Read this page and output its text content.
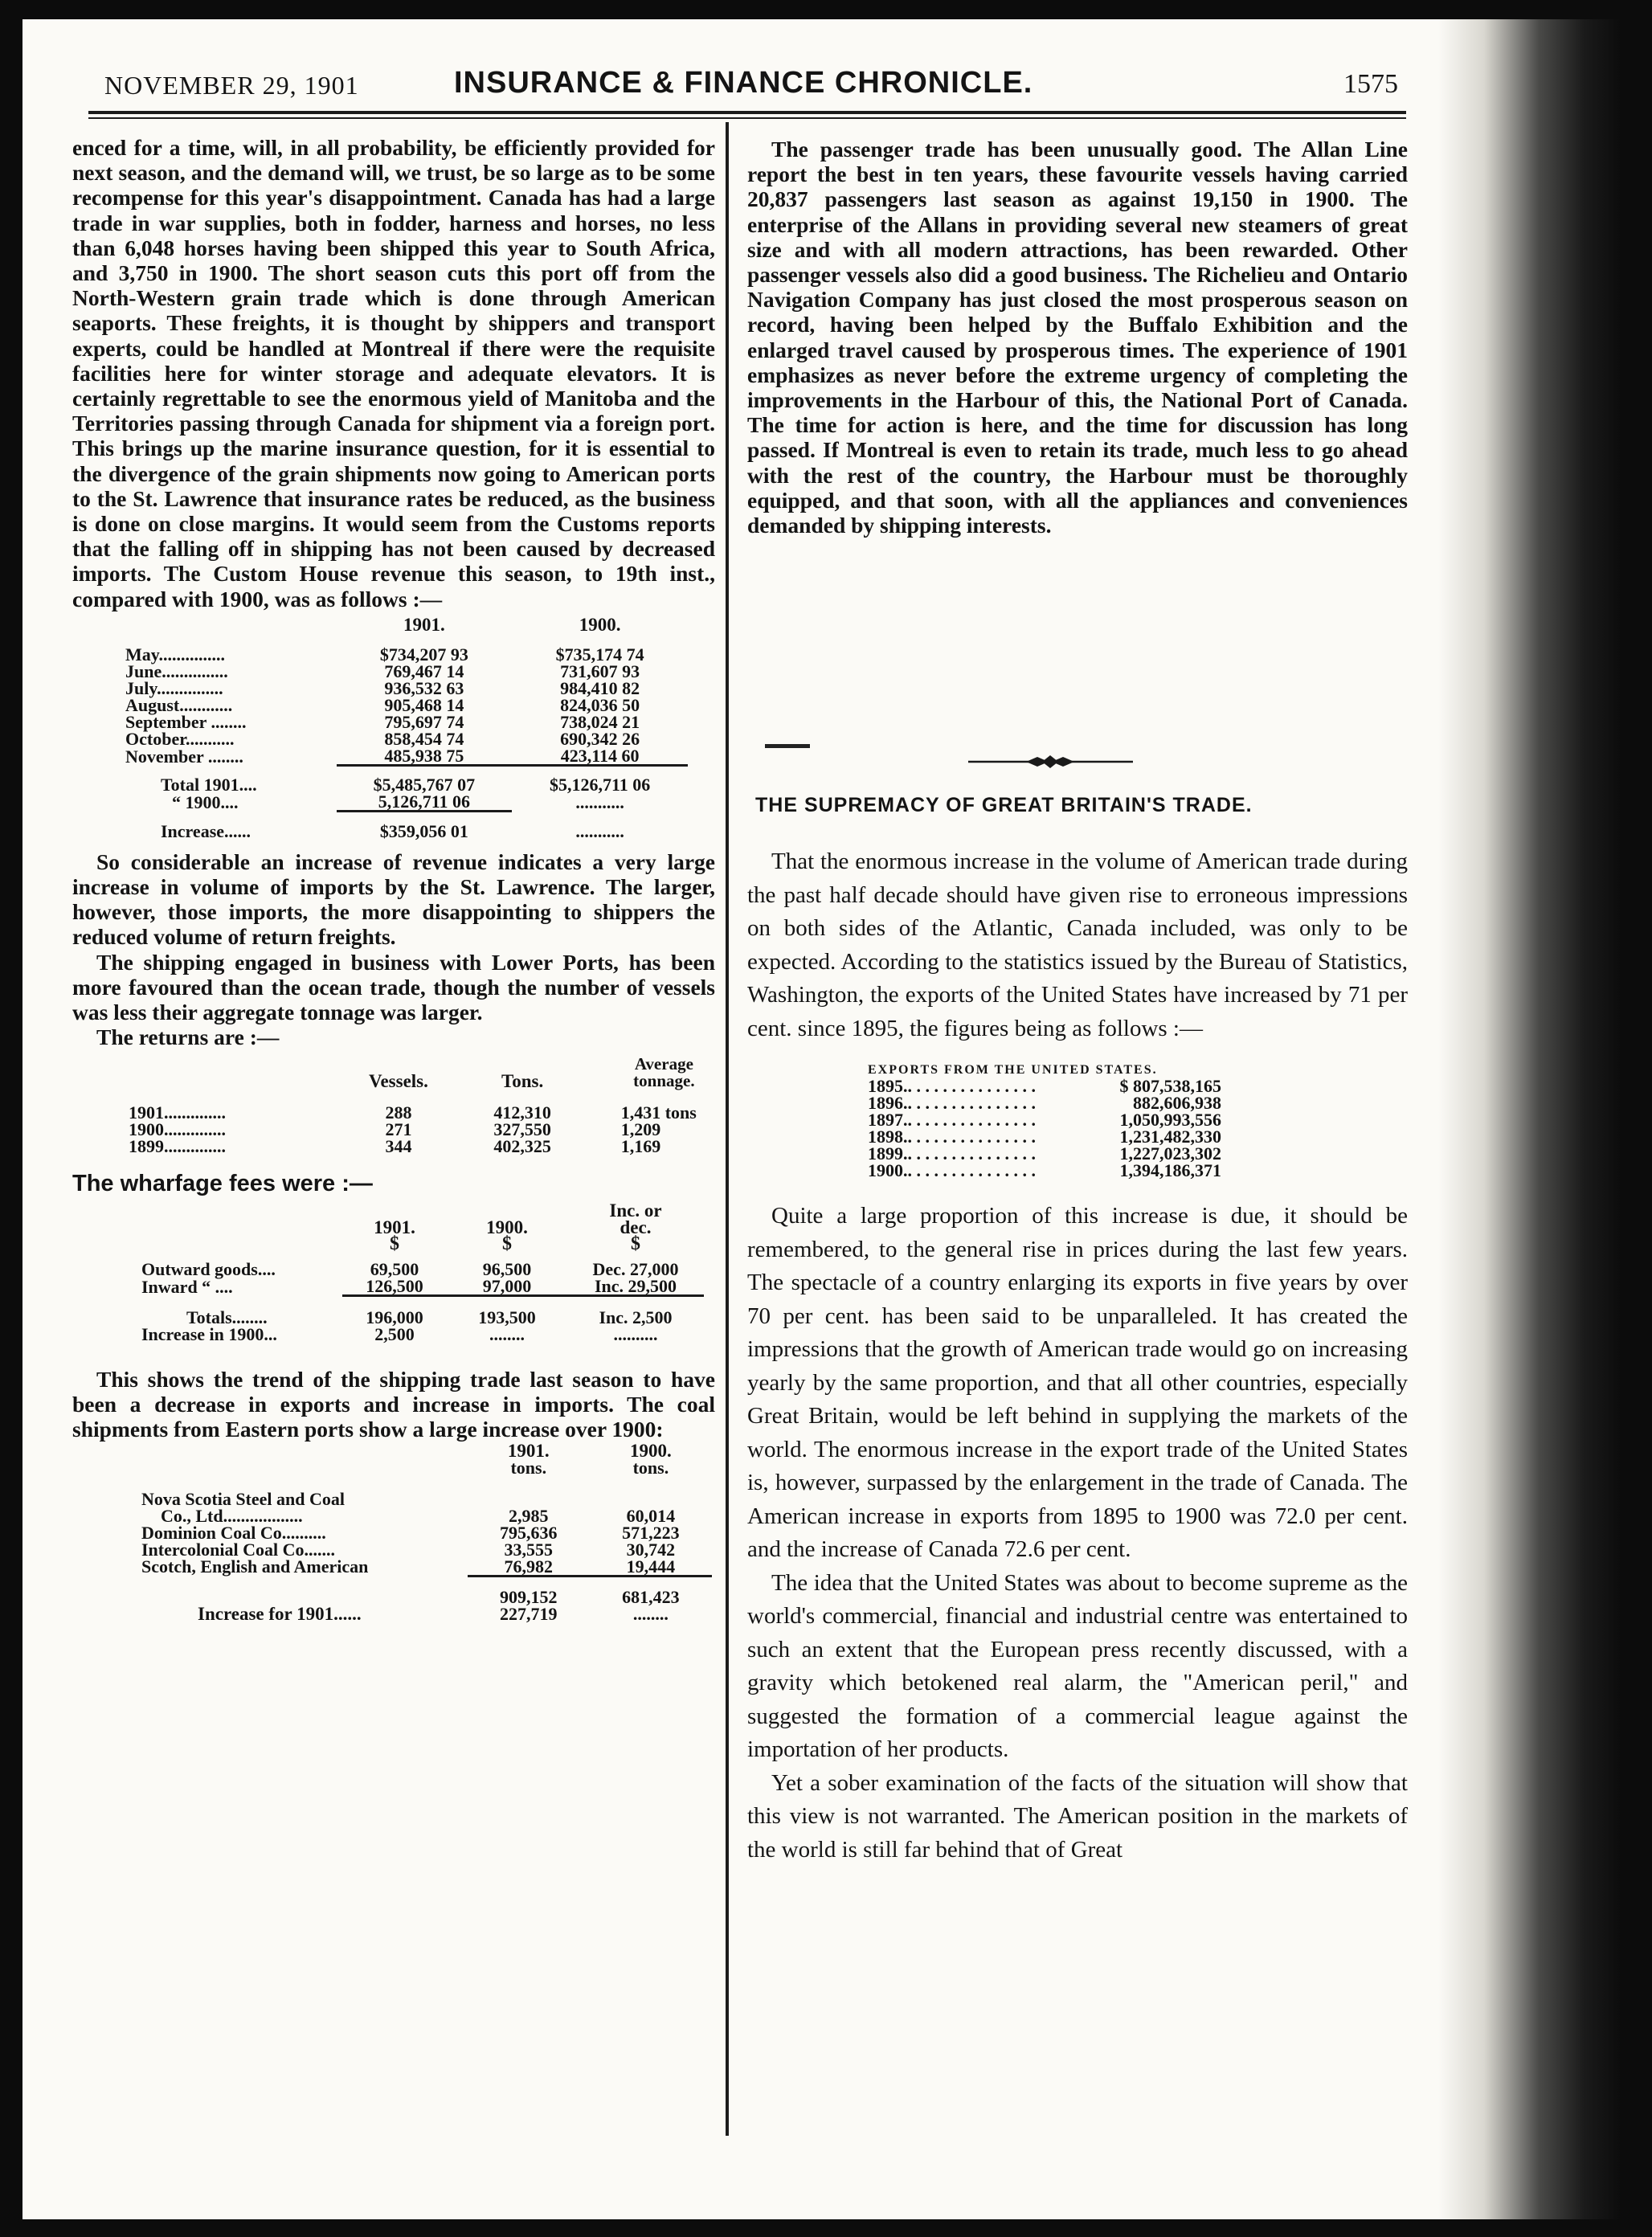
NOVEMBER 29, 1901	INSURANCE & FINANCE CHRONICLE.	1575

enced for a time, will, in all probability, be efficiently provided for next season, and the demand will, we trust, be so large as to be some recompense for this year's disappointment. Canada has had a large trade in war supplies, both in fodder, harness and horses, no less than 6,048 horses having been shipped this year to South Africa, and 3,750 in 1900. The short season cuts this port off from the North-Western grain trade which is done through American seaports. These freights, it is thought by shippers and transport experts, could be handled at Montreal if there were the requisite facilities here for winter storage and adequate elevators. It is certainly regrettable to see the enormous yield of Manitoba and the Territories passing through Canada for shipment via a foreign port. This brings up the marine insurance question, for it is essential to the divergence of the grain shipments now going to American ports to the St. Lawrence that insurance rates be reduced, as the business is done on close margins. It would seem from the Customs reports that the falling off in shipping has not been caused by decreased imports. The Custom House revenue this season, to 19th inst., compared with 1900, was as follows :—

	1901.	1900.

May...............	$734,207 93	$735,174 74
June...............	769,467 14	731,607 93
July...............	936,532 63	984,410 82
August............	905,468 14	824,036 50
September ........	795,697 74	738,024 21
October...........	858,454 74	690,342 26
November ........	485,938 75	423,114 60

Total 1901....	$5,485,767 07	$5,126,711 06
“ 1900....	5,126,711 06	...........

Increase......	$359,056 01	...........

So considerable an increase of revenue indicates a very large increase in volume of imports by the St. Lawrence. The larger, however, those imports, the more disappointing to shippers the reduced volume of return freights.

The shipping engaged in business with Lower Ports, has been more favoured than the ocean trade, though the number of vessels was less their aggregate tonnage was larger.

The returns are :—

	Vessels.	Tons.	Average
tonnage.

1901..............	288	412,310	1,431 tons
1900..............	271	327,550	1,209
1899..............	344	402,325	1,169
The wharfage fees were :—
	1901.	1900.	Inc. or
dec.
	$	$	$

Outward goods....	69,500	96,500	Dec. 27,000
Inward “ ....	126,500	97,000	Inc. 29,500

Totals........	196,000	193,500	Inc. 2,500
Increase in 1900...	2,500	........	..........

This shows the trend of the shipping trade last season to have been a decrease in exports and increase in imports. The coal shipments from Eastern ports show a large increase over 1900:

	1901.	1900.
	tons.	tons.

Nova Scotia Steel and Coal		
Co., Ltd..................	2,985	60,014
Dominion Coal Co..........	795,636	571,223
Intercolonial Coal Co.......	33,555	30,742
Scotch, English and American	76,982	19,444

	909,152	681,423
Increase for 1901......	227,719	........

The passenger trade has been unusually good. The Allan Line report the best in ten years, these favourite vessels having carried 20,837 passengers last season as against 19,150 in 1900. The enterprise of the Allans in providing several new steamers of great size and with all modern attractions, has been rewarded. Other passenger vessels also did a good business. The Richelieu and Ontario Navigation Company has just closed the most prosperous season on record, having been helped by the Buffalo Exhibition and the enlarged travel caused by prosperous times. The experience of 1901 emphasizes as never before the extreme urgency of completing the improvements in the Harbour of this, the National Port of Canada. The time for action is here, and the time for discussion has long passed. If Montreal is even to retain its trade, much less to go ahead with the rest of the country, the Harbour must be thoroughly equipped, and that soon, with all the appliances and conveniences demanded by shipping interests.

THE SUPREMACY OF GREAT BRITAIN'S TRADE.

That the enormous increase in the volume of American trade during the past half decade should have given rise to erroneous impressions on both sides of the Atlantic, Canada included, was only to be expected. According to the statistics issued by the Bureau of Statistics, Washington, the exports of the United States have increased by 71 per cent. since 1895, the figures being as follows :—

EXPORTS FROM THE UNITED STATES.
1895.. . . . . . . . . . . . . . .	$ 807,538,165
1896.. . . . . . . . . . . . . . .	882,606,938
1897.. . . . . . . . . . . . . . .	1,050,993,556
1898.. . . . . . . . . . . . . . .	1,231,482,330
1899.. . . . . . . . . . . . . . .	1,227,023,302
1900.. . . . . . . . . . . . . . .	1,394,186,371

Quite a large proportion of this increase is due, it should be remembered, to the general rise in prices during the last few years. The spectacle of a country enlarging its exports in five years by over 70 per cent. has been said to be unparalleled. It has created the impressions that the growth of American trade would go on increasing yearly by the same proportion, and that all other countries, especially Great Britain, would be left behind in supplying the markets of the world. The enormous increase in the export trade of the United States is, however, surpassed by the enlargement in the trade of Canada. The American increase in exports from 1895 to 1900 was 72.0 per cent. and the increase of Canada 72.6 per cent.

The idea that the United States was about to become supreme as the world's commercial, financial and industrial centre was entertained to such an extent that the European press recently discussed, with a gravity which betokened real alarm, the "American peril," and suggested the formation of a commercial league against the importation of her products.

Yet a sober examination of the facts of the situation will show that this view is not warranted. The American position in the markets of the world is still far behind that of Great
